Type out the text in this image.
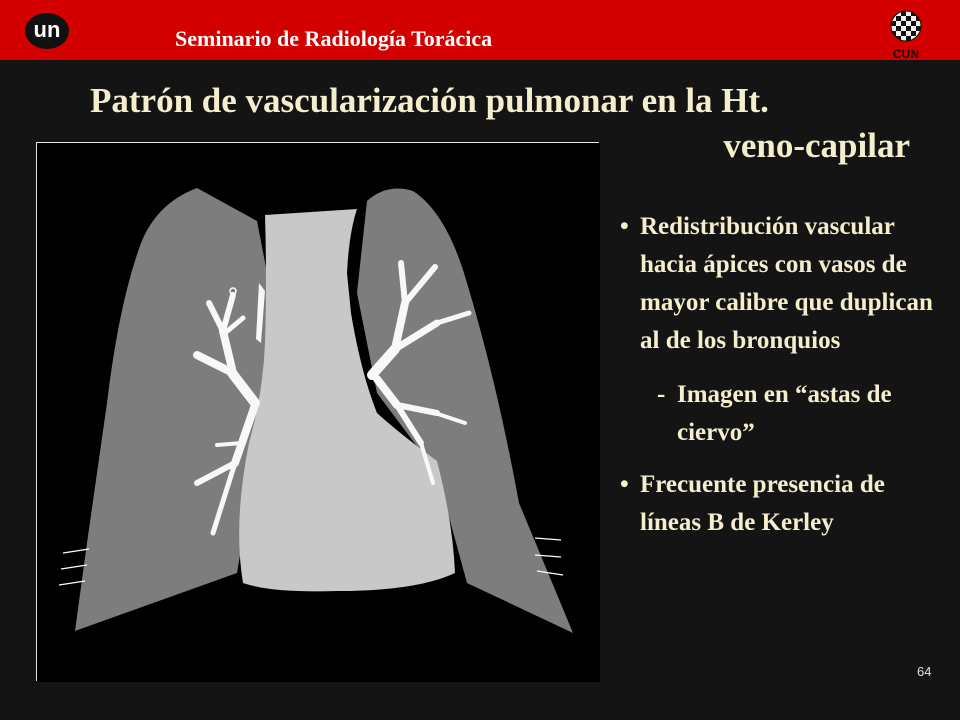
un	Seminario de Radiología Torácica
CUN
Patrón de vascularización pulmonar en la Ht.
veno-capilar
• Redistribución vascular hacia ápices con vasos de mayor calibre que duplican al de los bronquios
- Imagen en “astas de ciervo”
• Frecuente presencia de líneas B de Kerley
64
